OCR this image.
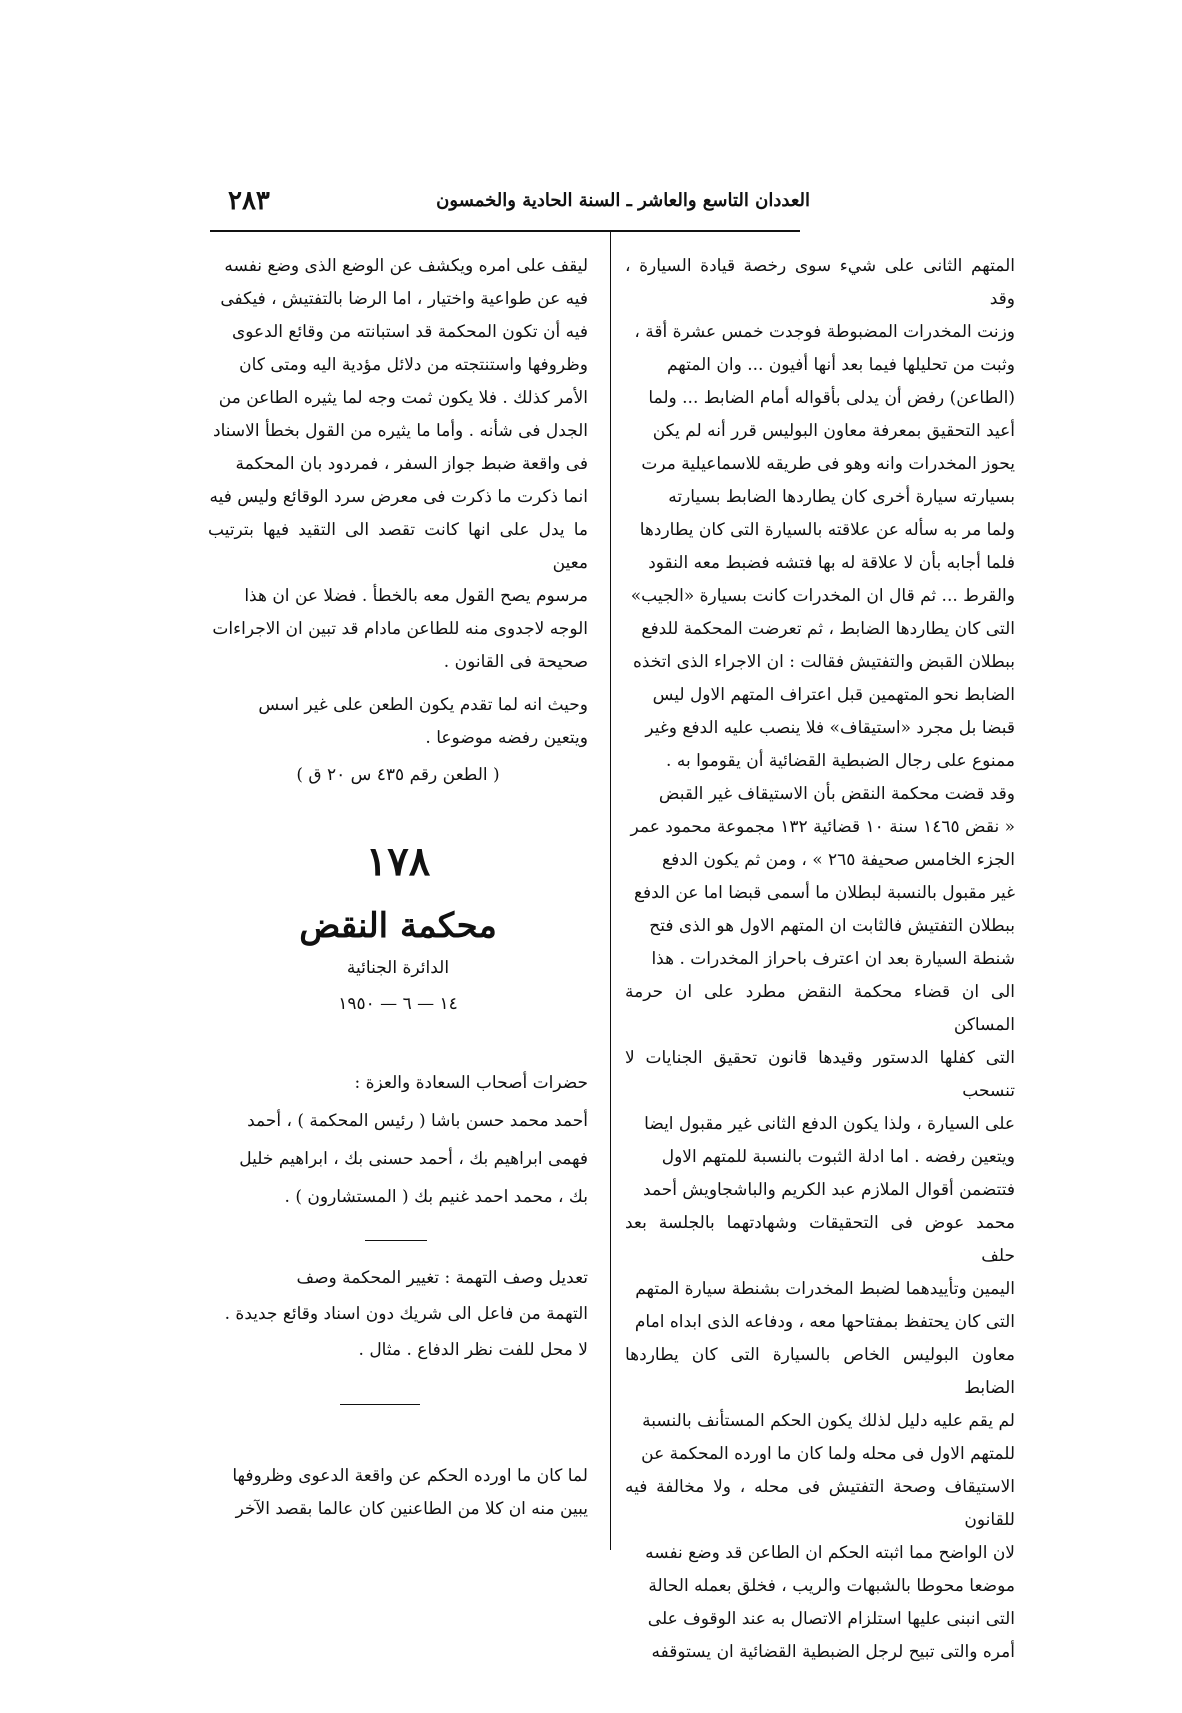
٢٨٣	العددان التاسع والعاشر ـ السنة الحادية والخمسون

المتهم الثانى على شيء سوى رخصة قيادة السيارة ، وقد

وزنت المخدرات المضبوطة فوجدت خمس عشرة أقة ،

وثبت من تحليلها فيما بعد أنها أفيون ... وان المتهم

(الطاعن) رفض أن يدلى بأقواله أمام الضابط ... ولما

أعيد التحقيق بمعرفة معاون البوليس قرر أنه لم يكن

يحوز المخدرات وانه وهو فى طريقه للاسماعيلية مرت

بسيارته سيارة أخرى كان يطاردها الضابط بسيارته

ولما مر به سأله عن علاقته بالسيارة التى كان يطاردها

فلما أجابه بأن لا علاقة له بها فتشه فضبط معه النقود

والقرط ... ثم قال ان المخدرات كانت بسيارة «الجيب»

التى كان يطاردها الضابط ، ثم تعرضت المحكمة للدفع

ببطلان القبض والتفتيش فقالت : ان الاجراء الذى اتخذه

الضابط نحو المتهمين قبل اعتراف المتهم الاول ليس

قبضا بل مجرد «استيقاف» فلا ينصب عليه الدفع وغير

ممنوع على رجال الضبطية القضائية أن يقوموا به .

وقد قضت محكمة النقض بأن الاستيقاف غير القبض

« نقض ١٤٦٥ سنة ١٠ قضائية ١٣٢ مجموعة محمود عمر

الجزء الخامس صحيفة ٢٦٥ » ، ومن ثم يكون الدفع

غير مقبول بالنسبة لبطلان ما أسمى قبضا اما عن الدفع

ببطلان التفتيش فالثابت ان المتهم الاول هو الذى فتح

شنطة السيارة بعد ان اعترف باحراز المخدرات . هذا

الى ان قضاء محكمة النقض مطرد على ان حرمة المساكن

التى كفلها الدستور وقيدها قانون تحقيق الجنايات لا تنسحب

على السيارة ، ولذا يكون الدفع الثانى غير مقبول ايضا

ويتعين رفضه . اما ادلة الثبوت بالنسبة للمتهم الاول

فتتضمن أقوال الملازم عبد الكريم والباشجاويش أحمد

محمد عوض فى التحقيقات وشهادتهما بالجلسة بعد حلف

اليمين وتأييدهما لضبط المخدرات بشنطة سيارة المتهم

التى كان يحتفظ بمفتاحها معه ، ودفاعه الذى ابداه امام

معاون البوليس الخاص بالسيارة التى كان يطاردها الضابط

لم يقم عليه دليل لذلك يكون الحكم المستأنف بالنسبة

للمتهم الاول فى محله ولما كان ما اورده المحكمة عن

الاستيقاف وصحة التفتيش فى محله ، ولا مخالفة فيه للقانون

لان الواضح مما اثبته الحكم ان الطاعن قد وضع نفسه

موضعا محوطا بالشبهات والريب ، فخلق بعمله الحالة

التى انبنى عليها استلزام الاتصال به عند الوقوف على

أمره والتى تبيح لرجل الضبطية القضائية ان يستوقفه

ليقف على امره ويكشف عن الوضع الذى وضع نفسه

فيه عن طواعية واختيار ، اما الرضا بالتفتيش ، فيكفى

فيه أن تكون المحكمة قد استبانته من وقائع الدعوى

وظروفها واستنتجته من دلائل مؤدية اليه ومتى كان

الأمر كذلك . فلا يكون ثمت وجه لما يثيره الطاعن من

الجدل فى شأنه . وأما ما يثيره من القول بخطأ الاسناد

فى واقعة ضبط جواز السفر ، فمردود بان المحكمة

انما ذكرت ما ذكرت فى معرض سرد الوقائع وليس فيه

ما يدل على انها كانت تقصد الى التقيد فيها بترتيب معين

مرسوم يصح القول معه بالخطأ . فضلا عن ان هذا

الوجه لاجدوى منه للطاعن مادام قد تبين ان الاجراءات

صحيحة فى القانون .

وحيث انه لما تقدم يكون الطعن على غير اسس

ويتعين رفضه موضوعا .

( الطعن رقم ٤٣٥ س ٢٠ ق )

١٧٨
محكمة النقض
الدائرة الجنائية
١٤ — ٦ — ١٩٥٠

حضرات أصحاب السعادة والعزة :

أحمد محمد حسن باشا ( رئيس المحكمة ) ، أحمد

فهمى ابراهيم بك ، أحمد حسنى بك ، ابراهيم خليل

بك ، محمد احمد غنيم بك ( المستشارون ) .

تعديل وصف التهمة : تغيير المحكمة وصف

التهمة من فاعل الى شريك دون اسناد وقائع جديدة .

لا محل للفت نظر الدفاع . مثال .

لما كان ما اورده الحكم عن واقعة الدعوى وظروفها

يبين منه ان كلا من الطاعنين كان عالما بقصد الآخر
